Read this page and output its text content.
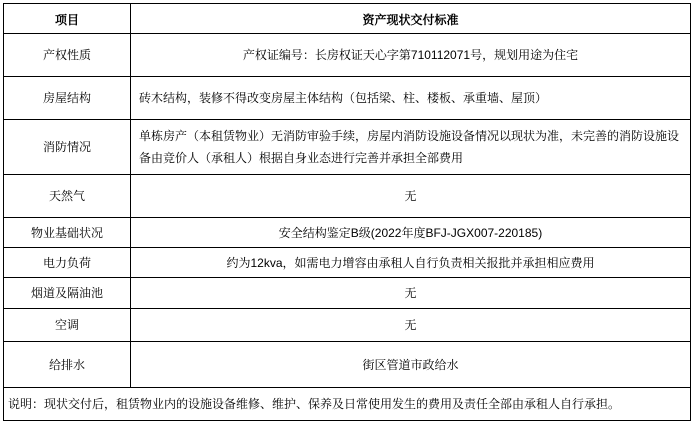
项目	资产现状交付标准
产权性质	产权证编号：长房权证天心字第710112071号，规划用途为住宅
房屋结构	砖木结构，装修不得改变房屋主体结构（包括梁、柱、楼板、承重墙、屋顶）
消防情况	单栋房产（本租赁物业）无消防审验手续，房屋内消防设施设备情况以现状为准，未完善的消防设施设备由竞价人（承租人）根据自身业态进行完善并承担全部费用
天然气	无
物业基础状况	安全结构鉴定B级(2022年度BFJ-JGX007-220185)
电力负荷	约为12kva，如需电力增容由承租人自行负责相关报批并承担相应费用
烟道及隔油池	无
空调	无
给排水	街区管道市政给水
说明：现状交付后，租赁物业内的设施设备维修、维护、保养及日常使用发生的费用及责任全部由承租人自行承担。	
